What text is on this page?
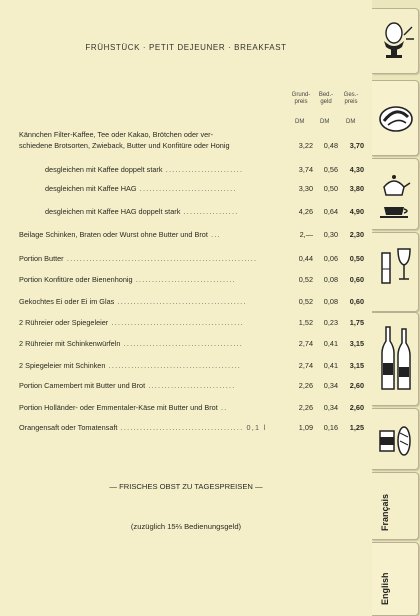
FRÜHSTÜCK · PETIT DEJEUNER · BREAKFAST
Grund-
preis
Bed.-
geld
Ges.-
preis
DM	DM	DM
Kännchen Filter-Kaffee, Tee oder Kakao, Brötchen oder ver-
schiedene Brotsorten, Zwieback, Butter und Konfitüre oder Honig	3,22	0,48	3,70
desgleichen mit Kaffee doppelt stark ........................	3,74	0,56	4,30
desgleichen mit Kaffee HAG ..............................	3,30	0,50	3,80
desgleichen mit Kaffee HAG doppelt stark .................	4,26	0,64	4,90
Beilage Schinken, Braten oder Wurst ohne Butter und Brot ...	2,—	0,30	2,30
Portion Butter ...........................................................	0,44	0,06	0,50
Portion Konfitüre oder Bienenhonig ...............................	0,52	0,08	0,60
Gekochtes Ei oder Ei im Glas ........................................	0,52	0,08	0,60
2 Rühreier oder Spiegeleier .........................................	1,52	0,23	1,75
2 Rühreier mit Schinkenwürfeln .....................................	2,74	0,41	3,15
2 Spiegeleier mit Schinken .........................................	2,74	0,41	3,15
Portion Camembert mit Butter und Brot ...........................	2,26	0,34	2,60
Portion Holländer- oder Emmentaler-Käse mit Butter und Brot ..	2,26	0,34	2,60
Orangensaft oder Tomatensaft ...................................... 0,1 l	1,09	0,16	1,25
— FRISCHES OBST ZU TAGESPREISEN —
(zuzüglich 15⅔ Bedienungsgeld)	Français
English
